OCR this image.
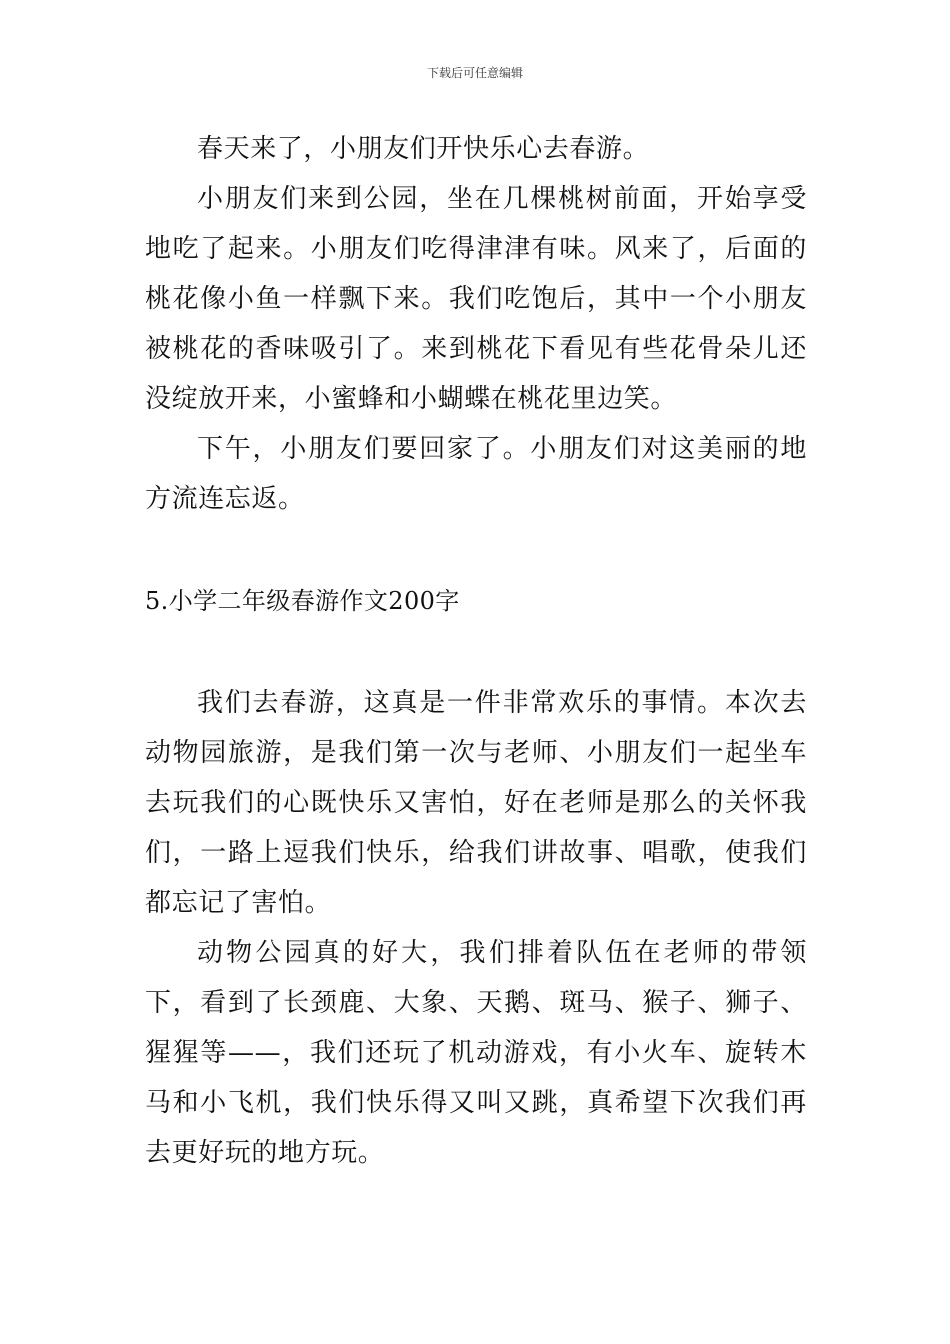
下载后可任意编辑

春天来了，小朋友们开快乐心去春游。

小朋友们来到公园，坐在几棵桃树前面，开始享受地吃了起来。小朋友们吃得津津有味。风来了，后面的桃花像小鱼一样飘下来。我们吃饱后，其中一个小朋友被桃花的香味吸引了。来到桃花下看见有些花骨朵儿还没绽放开来，小蜜蜂和小蝴蝶在桃花里边笑。

下午，小朋友们要回家了。小朋友们对这美丽的地方流连忘返。

5.小学二年级春游作文200字

我们去春游，这真是一件非常欢乐的事情。本次去动物园旅游，是我们第一次与老师、小朋友们一起坐车去玩我们的心既快乐又害怕，好在老师是那么的关怀我们，一路上逗我们快乐，给我们讲故事、唱歌，使我们都忘记了害怕。

动物公园真的好大，我们排着队伍在老师的带领下，看到了长颈鹿、大象、天鹅、斑马、猴子、狮子、猩猩等——，我们还玩了机动游戏，有小火车、旋转木马和小飞机，我们快乐得又叫又跳，真希望下次我们再去更好玩的地方玩。
